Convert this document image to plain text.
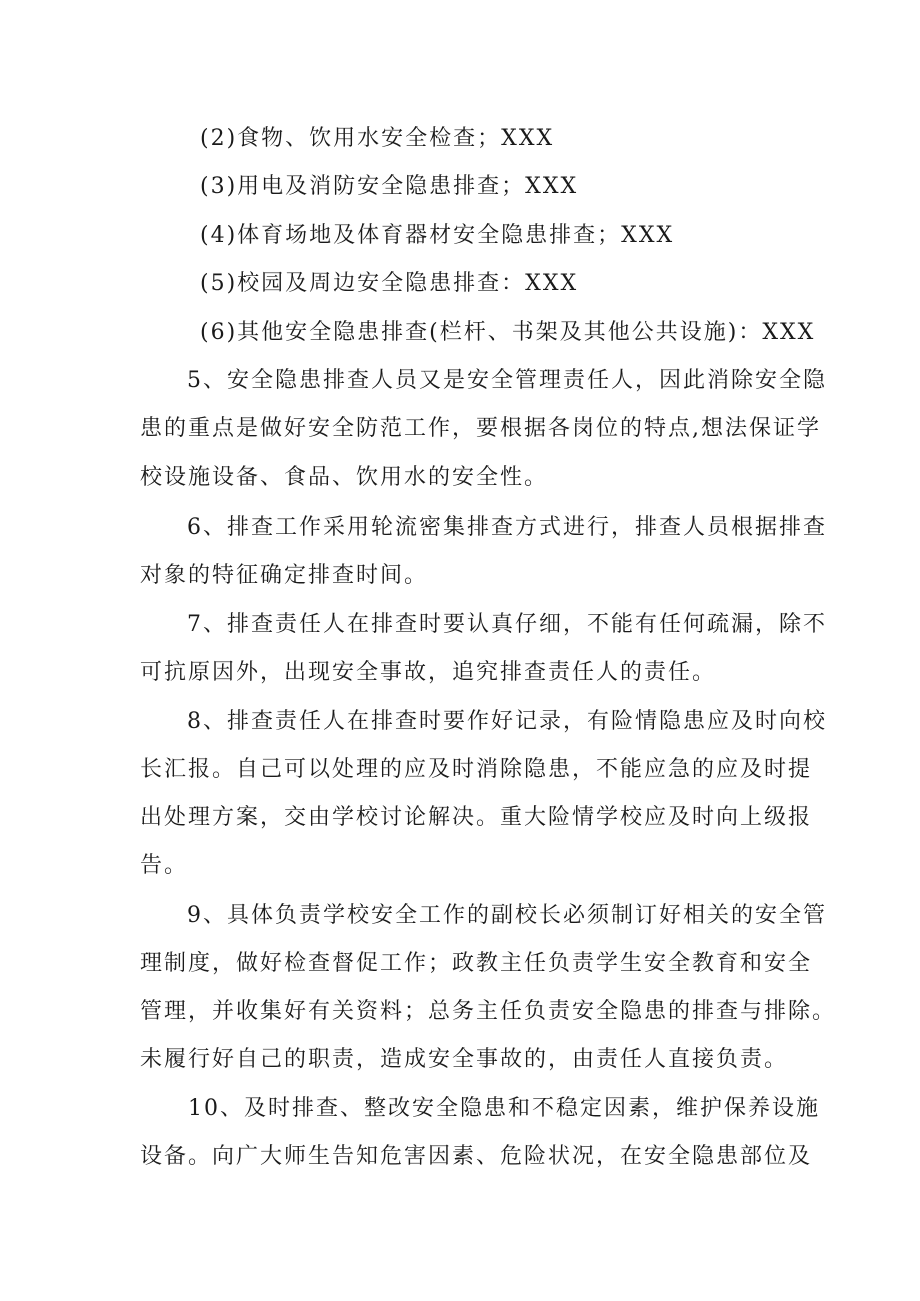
(2)食物、饮用水安全检查；XXX
(3)用电及消防安全隐患排查；XXX
(4)体育场地及体育器材安全隐患排查；XXX
(5)校园及周边安全隐患排查：XXX
(6)其他安全隐患排查(栏杆、书架及其他公共设施)：XXX
5、安全隐患排查人员又是安全管理责任人，因此消除安全隐
患的重点是做好安全防范工作，要根据各岗位的特点,想法保证学
校设施设备、食品、饮用水的安全性。
6、排查工作采用轮流密集排查方式进行，排查人员根据排查
对象的特征确定排查时间。
7、排查责任人在排查时要认真仔细，不能有任何疏漏，除不
可抗原因外，出现安全事故，追究排查责任人的责任。
8、排查责任人在排查时要作好记录，有险情隐患应及时向校
长汇报。自己可以处理的应及时消除隐患，不能应急的应及时提
出处理方案，交由学校讨论解决。重大险情学校应及时向上级报
告。
9、具体负责学校安全工作的副校长必须制订好相关的安全管
理制度，做好检查督促工作；政教主任负责学生安全教育和安全
管理，并收集好有关资料；总务主任负责安全隐患的排查与排除。
未履行好自己的职责，造成安全事故的，由责任人直接负责。
10、及时排查、整改安全隐患和不稳定因素，维护保养设施
设备。向广大师生告知危害因素、危险状况，在安全隐患部位及
